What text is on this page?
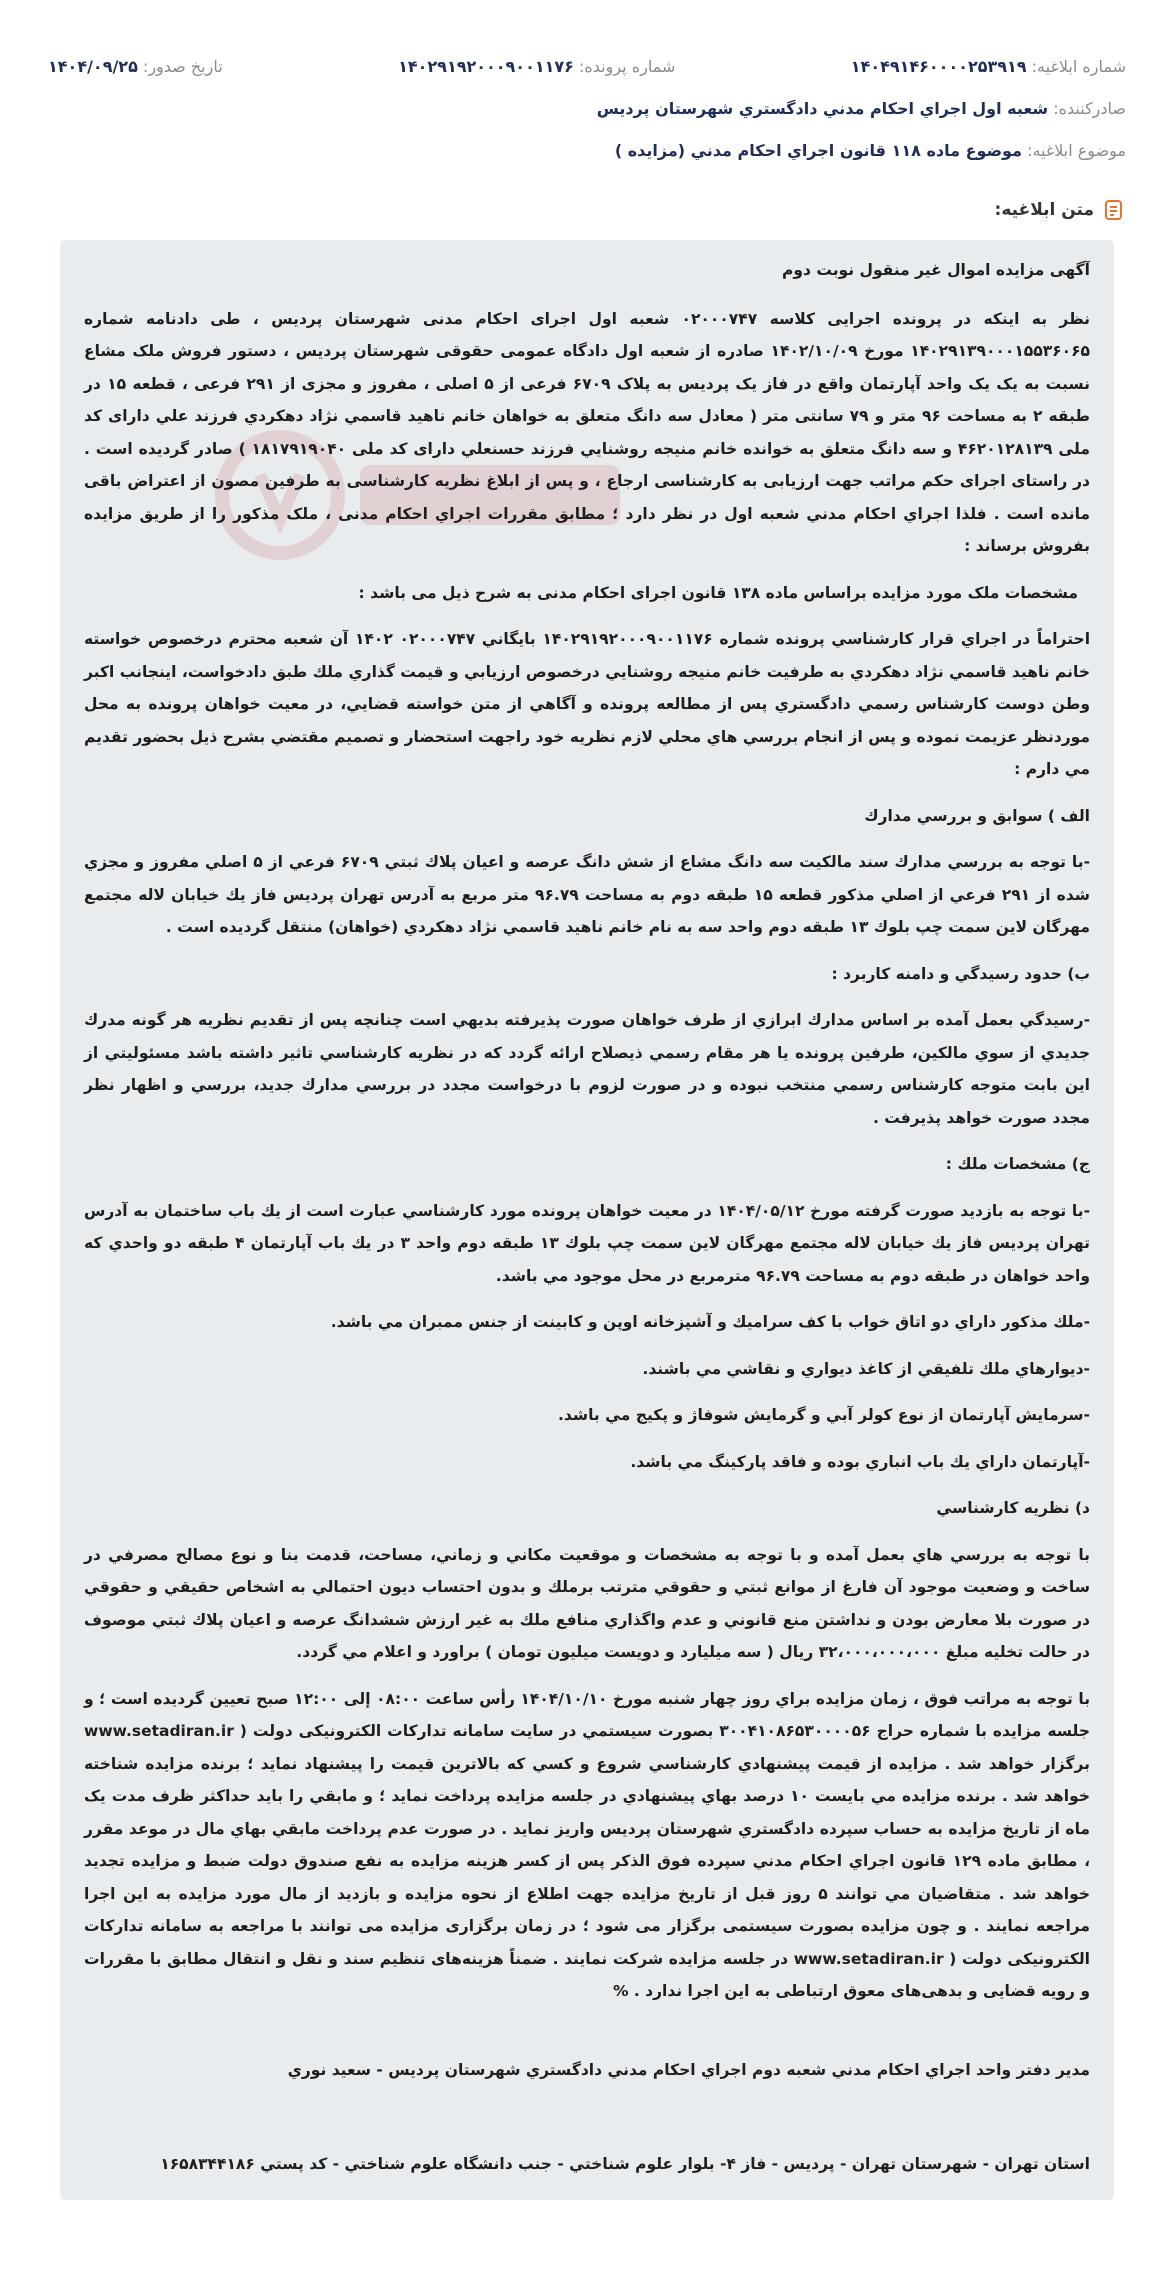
شماره ابلاغيه: ۱۴۰۴۹۱۴۶۰۰۰۰۲۵۳۹۱۹
شماره پرونده: ۱۴۰۲۹۱۹۲۰۰۰۹۰۰۱۱۷۶
تاريخ صدور: ۱۴۰۴/۰۹/۲۵
صادرکننده: شعبه اول اجراي احكام مدني دادگستري شهرستان پرديس
موضوع ابلاغيه: موضوع ماده ۱۱۸ قانون اجراي احكام مدني (مزايده )
متن ابلاغیه:

آگهی مزایده اموال غیر منقول نوبت دوم

نظر به اینکه در پرونده اجرایی کلاسه ۰۲۰۰۰۷۴۷ شعبه اول اجرای احکام مدنی شهرستان پردیس ، طی دادنامه شماره ۱۴۰۲۹۱۳۹۰۰۰۱۵۵۳۶۰۶۵ مورخ ۱۴۰۲/۱۰/۰۹ صادره از شعبه اول دادگاه عمومی حقوقی شهرستان پردیس ، دستور فروش ملک مشاع نسبت به یک یک واحد آپارتمان واقع در فاز یک پردیس به پلاک ۶۷۰۹ فرعی از ۵ اصلی ، مفروز و مجزی از ۲۹۱ فرعی ، قطعه ۱۵ در طبقه ۲ به مساحت ۹۶ متر و ۷۹ سانتی متر ( معادل سه دانگ متعلق به خواهان خانم ناهيد قاسمي نژاد دهكردي فرزند علي دارای کد ملی ۴۶۲۰۱۲۸۱۳۹ و سه دانگ متعلق به خوانده خانم منيجه روشنايي فرزند حسنعلي دارای کد ملی ۱۸۱۷۹۱۹۰۴۰ ) صادر گردیده است . در راستای اجرای حکم مراتب جهت ارزیابی به کارشناسی ارجاع ، و پس از ابلاغ نظریه کارشناسی به طرفین مصون از اعتراض باقی مانده است . فلذا اجراي احكام مدني شعبه اول در نظر دارد ؛ مطابق مقررات اجراي احكام مدنی ، ملک مذکور را از طریق مزایده بفروش برساند :

مشخصات ملک مورد مزایده براساس ماده ۱۳۸ قانون اجرای احکام مدنی به شرح ذیل می باشد :

احتراماً در اجراي قرار كارشناسي پرونده شماره ۱۴۰۲۹۱۹۲۰۰۰۹۰۰۱۱۷۶ بايگاني ۰۲۰۰۰۷۴۷ ۱۴۰۲ آن شعبه محترم درخصوص خواسته خانم ناهيد قاسمي نژاد دهكردي به طرفيت خانم منيجه روشنايي درخصوص ارزيابي و قيمت گذاري ملك طبق دادخواست، اينجانب اكبر وطن دوست كارشناس رسمي دادگستري پس از مطالعه پرونده و آگاهي از متن خواسته قضايي، در معيت خواهان پرونده به محل موردنظر عزيمت نموده و پس از انجام بررسي هاي محلي لازم نظريه خود راجهت استحضار و تصميم مقتضي بشرح ذيل بحضور تقديم مي دارم :

الف ) سوابق و بررسي مدارك

-با توجه به بررسي مدارك سند مالكيت سه دانگ مشاع از شش دانگ عرصه و اعيان پلاك ثبتي ۶۷۰۹ فرعي از ۵ اصلي مفروز و مجزي شده از ۲۹۱ فرعي از اصلي مذكور قطعه ۱۵ طبقه دوم به مساحت ۹۶.۷۹ متر مربع به آدرس تهران پرديس فاز يك خيابان لاله مجتمع مهرگان لاين سمت چپ بلوك ۱۳ طبقه دوم واحد سه به نام خانم ناهيد قاسمي نژاد دهكردي (خواهان) منتقل گرديده است .

ب) حدود رسيدگي و دامنه كاربرد :

-رسيدگي بعمل آمده بر اساس مدارك ابرازي از طرف خواهان صورت پذيرفته بديهي است چنانچه پس از تقديم نظريه هر گونه مدرك جديدي از سوي مالكين، طرفين پرونده يا هر مقام رسمي ذيصلاح ارائه گردد كه در نظريه كارشناسي تاثير داشته باشد مسئوليتي از اين بابت متوجه كارشناس رسمي منتخب نبوده و در صورت لزوم با درخواست مجدد در بررسي مدارك جديد، بررسي و اظهار نظر مجدد صورت خواهد پذيرفت .

ج) مشخصات ملك :

-با توجه به بازديد صورت گرفته مورخ ۱۴۰۴/۰۵/۱۲ در معيت خواهان پرونده مورد كارشناسي عبارت است از يك باب ساختمان به آدرس تهران پرديس فاز يك خيابان لاله مجتمع مهرگان لاين سمت چپ بلوك ۱۳ طبقه دوم واحد ۳ در يك باب آپارتمان ۴ طبقه دو واحدي كه واحد خواهان در طبقه دوم به مساحت ۹۶.۷۹ مترمربع در محل موجود مي باشد.

-ملك مذكور داراي دو اتاق خواب با كف سراميك و آشپزخانه اوپن و كابينت از جنس ممبران مي باشد.

-ديوارهاي ملك تلفيقي از كاغذ ديواري و نقاشي مي باشند.

-سرمايش آپارتمان از نوع كولر آبي و گرمايش شوفاژ و پكيج مي باشد.

-آپارتمان داراي يك باب انباري بوده و فاقد پاركينگ مي باشد.

د) نظريه كارشناسي

با توجه به بررسي هاي بعمل آمده و با توجه به مشخصات و موقعيت مكاني و زماني، مساحت، قدمت بنا و نوع مصالح مصرفي در ساخت و وضعيت موجود آن فارغ از موانع ثبتي و حقوقي مترتب برملك و بدون احتساب ديون احتمالي به اشخاص حقيقي و حقوقي در صورت بلا معارض بودن و نداشتن منع قانوني و عدم واگذاري منافع ملك به غير ارزش ششدانگ عرصه و اعيان پلاك ثبتي موصوف در حالت تخليه مبلغ ۳۲،۰۰۰،۰۰۰،۰۰۰ ريال ( سه ميليارد و دويست ميليون تومان ) براورد و اعلام مي گردد.

با توجه به مراتب فوق ، زمان مزايده براي روز چهار شنبه مورخ ۱۴۰۴/۱۰/۱۰ رأس ساعت ۰۸:۰۰ إلى ۱۲:۰۰ صبح تعيين گرديده است ؛ و جلسه مزايده با شماره حراج ۳۰۰۴۱۰۸۶۵۳۰۰۰۰۵۶ بصورت سيستمي در سايت سامانه تدارکات الکترونیکی دولت ( www.setadiran.ir برگزار خواهد شد . مزايده از قيمت پيشنهادي كارشناسي شروع و كسي كه بالاترين قيمت را پيشنهاد نمايد ؛ برنده مزايده شناخته خواهد شد . برنده مزايده مي بايست ۱۰ درصد بهاي پيشنهادي در جلسه مزايده پرداخت نمايد ؛ و مابقي را بايد حداكثر ظرف مدت يک ماه از تاريخ مزايده به حساب سپرده دادگستري شهرستان پرديس واريز نمايد . در صورت عدم پرداخت مابقي بهاي مال در موعد مقرر ، مطابق ماده ۱۲۹ قانون اجراي احكام مدني سپرده فوق الذكر پس از كسر هزينه مزايده به نفع صندوق دولت ضبط و مزايده تجديد خواهد شد . متقاضيان مي توانند ۵ روز قبل از تاريخ مزايده جهت اطلاع از نحوه مزايده و بازديد از مال مورد مزايده به اين اجرا مراجعه نمايند . و چون مزایده بصورت سیستمی برگزار می شود ؛ در زمان برگزاری مزایده می توانند با مراجعه به سامانه تدارکات الکترونیکی دولت ( www.setadiran.ir در جلسه مزایده شرکت نمایند . ضمناً هزینه‌های تنظیم سند و نقل و انتقال مطابق با مقررات و رویه قضایی و بدهی‌های معوق ارتباطی به این اجرا ندارد . %

مدير دفتر واحد اجراي احكام مدني شعبه دوم اجراي احكام مدني دادگستري شهرستان پرديس - سعيد نوري

استان تهران - شهرستان تهران - پرديس - فاز ۴- بلوار علوم شناختي - جنب دانشگاه علوم شناختي - كد پستي ۱۶۵۸۳۴۴۱۸۶
